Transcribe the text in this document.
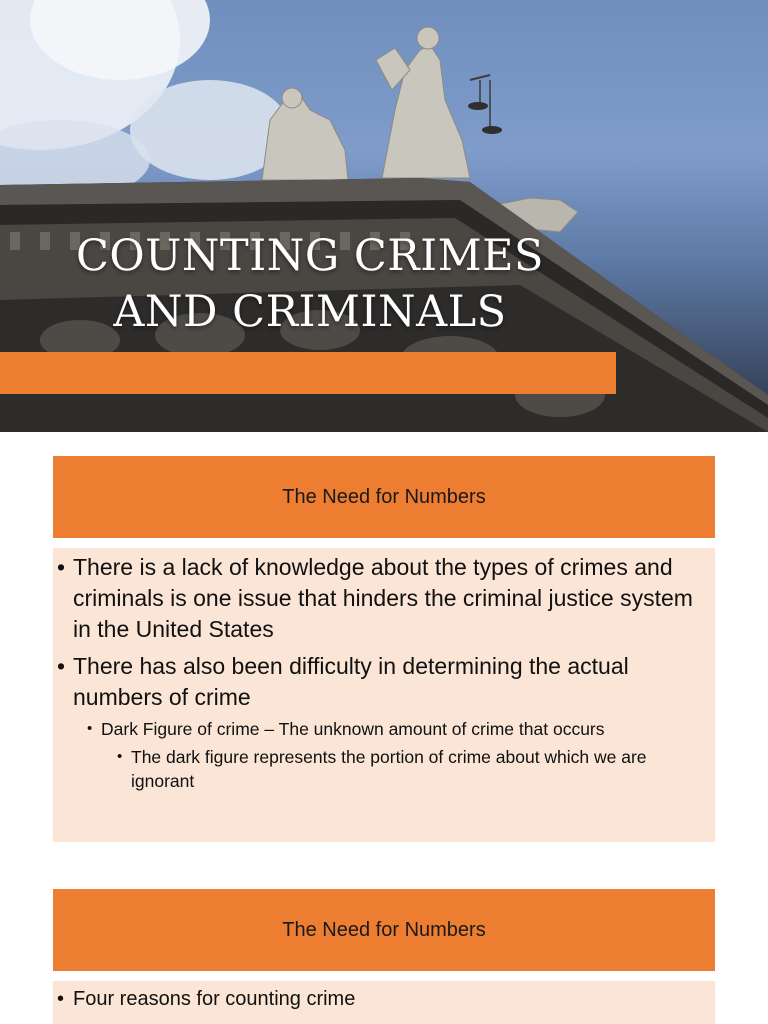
COUNTING CRIMES
AND CRIMINALS
The Need for Numbers
• There is a lack of knowledge about the types of crimes and criminals is one issue that hinders the criminal justice system in the United States
• There has also been difficulty in determining the actual numbers of crime
• Dark Figure of crime – The unknown amount of crime that occurs
• The dark figure represents the portion of crime about which we are ignorant
The Need for Numbers
• Four reasons for counting crime
